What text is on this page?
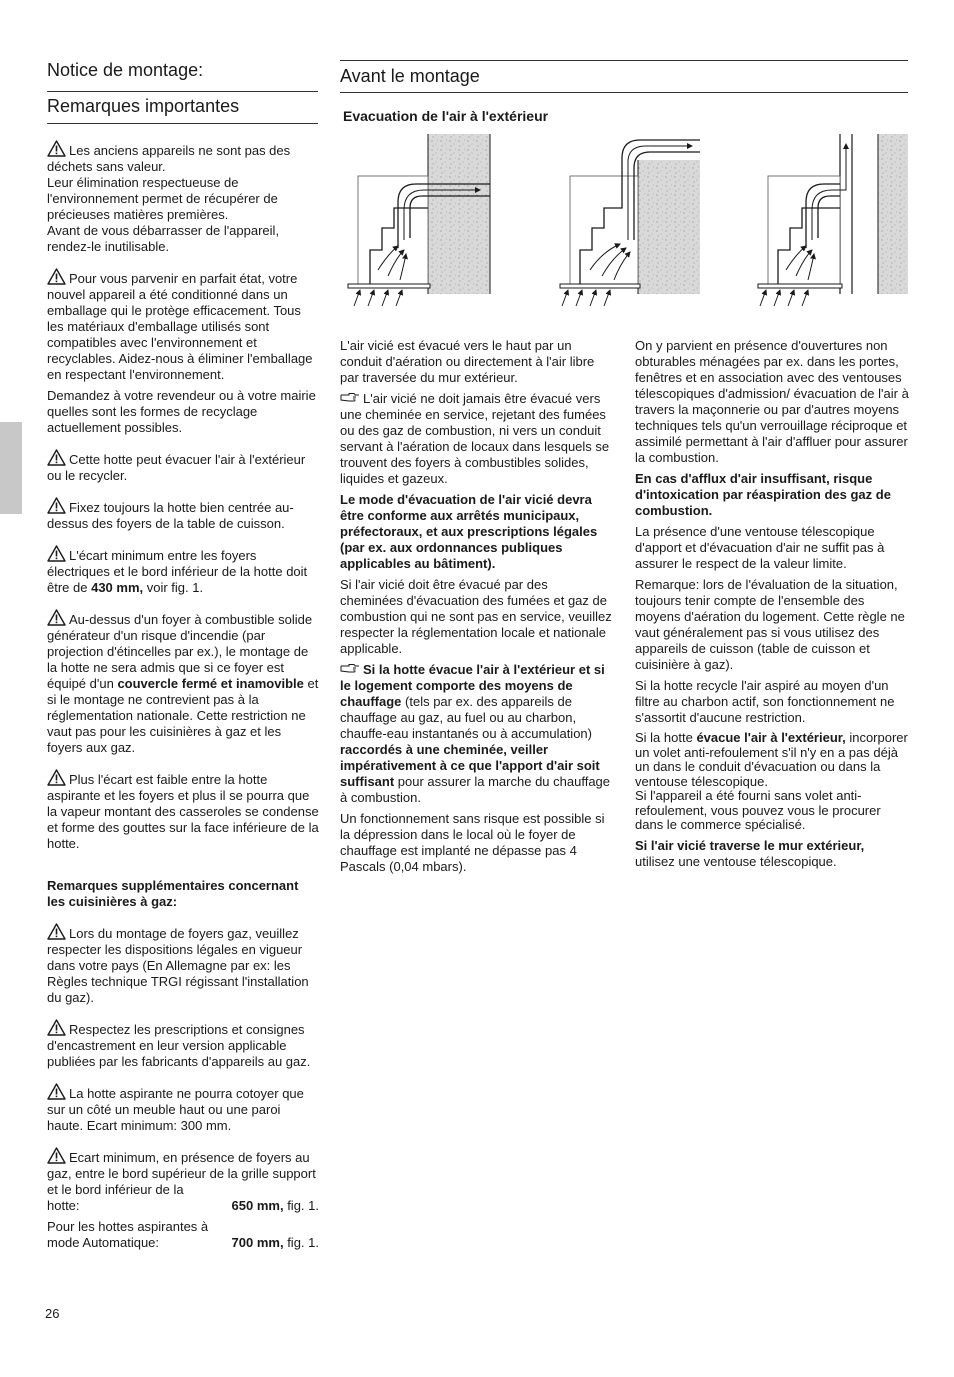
Notice de montage:
Remarques importantes

Les anciens appareils ne sont pas des déchets sans valeur.
Leur élimination respectueuse de l'environnement permet de récupérer de précieuses matières premières.
Avant de vous débarrasser de l'appareil, rendez-le inutilisable.

Pour vous parvenir en parfait état, votre nouvel appareil a été conditionné dans un emballage qui le protège efficacement. Tous les matériaux d'emballage utilisés sont compatibles avec l'environnement et recyclables. Aidez-nous à éliminer l'emballage en respectant l'environnement.

Demandez à votre revendeur ou à votre mairie quelles sont les formes de recyclage actuellement possibles.

Cette hotte peut évacuer l'air à l'extérieur ou le recycler.

Fixez toujours la hotte bien centrée au-dessus des foyers de la table de cuisson.

L'écart minimum entre les foyers électriques et le bord inférieur de la hotte doit être de 430 mm, voir fig. 1.

Au-dessus d'un foyer à combustible solide générateur d'un risque d'incendie (par projection d'étincelles par ex.), le montage de la hotte ne sera admis que si ce foyer est équipé d'un couvercle fermé et inamovible et si le montage ne contrevient pas à la réglementation nationale. Cette restriction ne vaut pas pour les cuisinières à gaz et les foyers aux gaz.

Plus l'écart est faible entre la hotte aspirante et les foyers et plus il se pourra que la vapeur montant des casseroles se condense et forme des gouttes sur la face inférieure de la hotte.

Remarques supplémentaires concernant les cuisinières à gaz:

Lors du montage de foyers gaz, veuillez respecter les dispositions légales en vigueur dans votre pays (En Allemagne par ex: les Règles technique TRGI régissant l'installation du gaz).

Respectez les prescriptions et consignes d'encastrement en leur version applicable publiées par les fabricants d'appareils au gaz.

La hotte aspirante ne pourra cotoyer que sur un côté un meuble haut ou une paroi haute. Ecart minimum: 300 mm.

Ecart minimum, en présence de foyers au gaz, entre le bord supérieur de la grille support et le bord inférieur de la
hotte:	650 mm, fig. 1.
Pour les hottes aspirantes à
mode Automatique:	700 mm, fig. 1.
Avant le montage

Evacuation de l'air à l'extérieur

L'air vicié est évacué vers le haut par un conduit d'aération ou directement à l'air libre par traversée du mur extérieur.

L'air vicié ne doit jamais être évacué vers une cheminée en service, rejetant des fumées ou des gaz de combustion, ni vers un conduit servant à l'aération de locaux dans lesquels se trouvent des foyers à combustibles solides, liquides et gazeux.

Le mode d'évacuation de l'air vicié devra être conforme aux arrêtés municipaux, préfectoraux, et aux prescriptions légales (par ex. aux ordonnances publiques applicables au bâtiment).

Si l'air vicié doit être évacué par des cheminées d'évacuation des fumées et gaz de combustion qui ne sont pas en service, veuillez respecter la réglementation locale et nationale applicable.

Si la hotte évacue l'air à l'extérieur et si le logement comporte des moyens de chauffage (tels par ex. des appareils de chauffage au gaz, au fuel ou au charbon, chauffe-eau instantanés ou à accumulation) raccordés à une cheminée, veiller impérativement à ce que l'apport d'air soit suffisant pour assurer la marche du chauffage à combustion.

Un fonctionnement sans risque est possible si la dépression dans le local où le foyer de chauffage est implanté ne dépasse pas 4 Pascals (0,04 mbars).

On y parvient en présence d'ouvertures non obturables ménagées par ex. dans les portes, fenêtres et en association avec des ventouses télescopiques d'admission/ évacuation de l'air à travers la maçonnerie ou par d'autres moyens techniques tels qu'un verrouillage réciproque et assimilé permettant à l'air d'affluer pour assurer la combustion.

En cas d'afflux d'air insuffisant, risque d'intoxication par réaspiration des gaz de combustion.

La présence d'une ventouse télescopique d'apport et d'évacuation d'air ne suffit pas à assurer le respect de la valeur limite.

Remarque: lors de l'évaluation de la situation, toujours tenir compte de l'ensemble des moyens d'aération du logement. Cette règle ne vaut généralement pas si vous utilisez des appareils de cuisson (table de cuisson et cuisinière à gaz).

Si la hotte recycle l'air aspiré au moyen d'un filtre au charbon actif, son fonctionnement ne s'assortit d'aucune restriction.

Si la hotte évacue l'air à l'extérieur, incorporer un volet anti-refoulement s'il n'y en a pas déjà un dans le conduit d'évacuation ou dans la ventouse télescopique.
Si l'appareil a été fourni sans volet anti-refoulement, vous pouvez vous le procurer dans le commerce spécialisé.

Si l'air vicié traverse le mur extérieur,
utilisez une ventouse télescopique.

26
